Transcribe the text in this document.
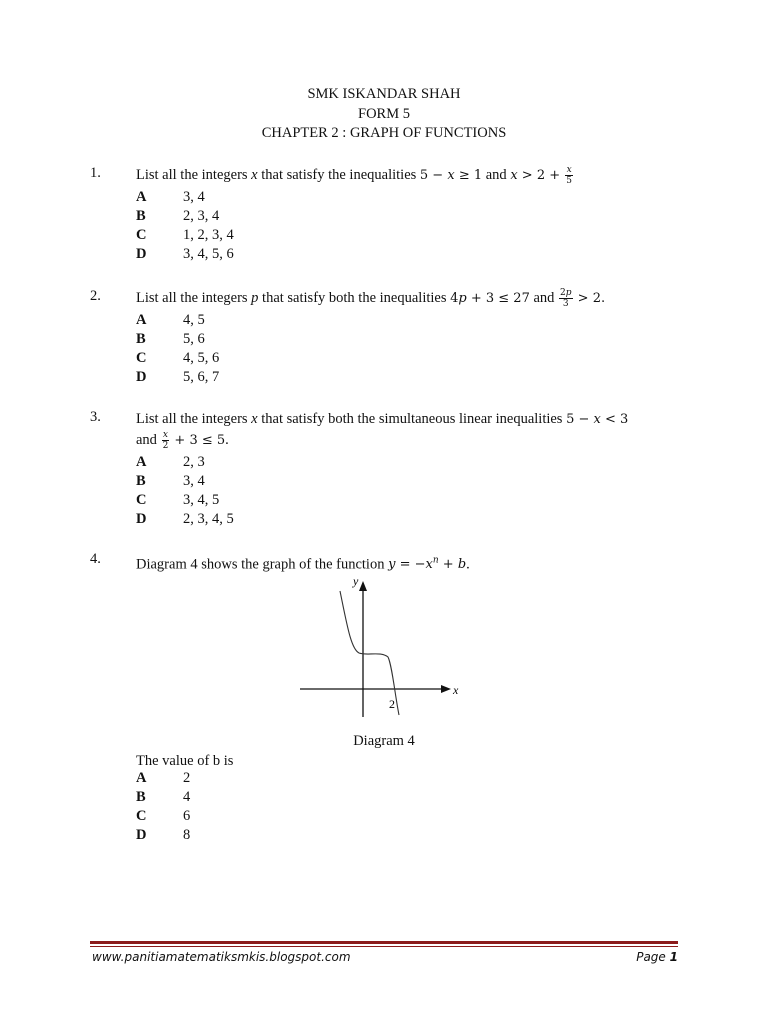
SMK ISKANDAR SHAH
FORM 5
CHAPTER 2 : GRAPH OF FUNCTIONS
1. List all the integers x that satisfy the inequalities 5 − x ≥ 1 and $x > 2 + \frac{x}{5}$
A	3, 4
B	2, 3, 4
C	1, 2, 3, 4
D	3, 4, 5, 6
2. List all the integers p that satisfy both the inequalities 4p + 3 ≤ 27 and $\frac{2p}{3} > 2$.
A	4, 5
B	5, 6
C	4, 5, 6
D	5, 6, 7
3. List all the integers x that satisfy both the simultaneous linear inequalities 5 − x < 3
and $\frac{x}{2} + 3 \le 5$.
A	2, 3
B	3, 4
C	3, 4, 5
D	2, 3, 4, 5
4. Diagram 4 shows the graph of the function $y = -x^n + b$.
y
x
2
Diagram 4
The value of b is
A	2
B	4
C	6
D	8
www.panitiamatematiksmkis.blogspot.com	Page 1
